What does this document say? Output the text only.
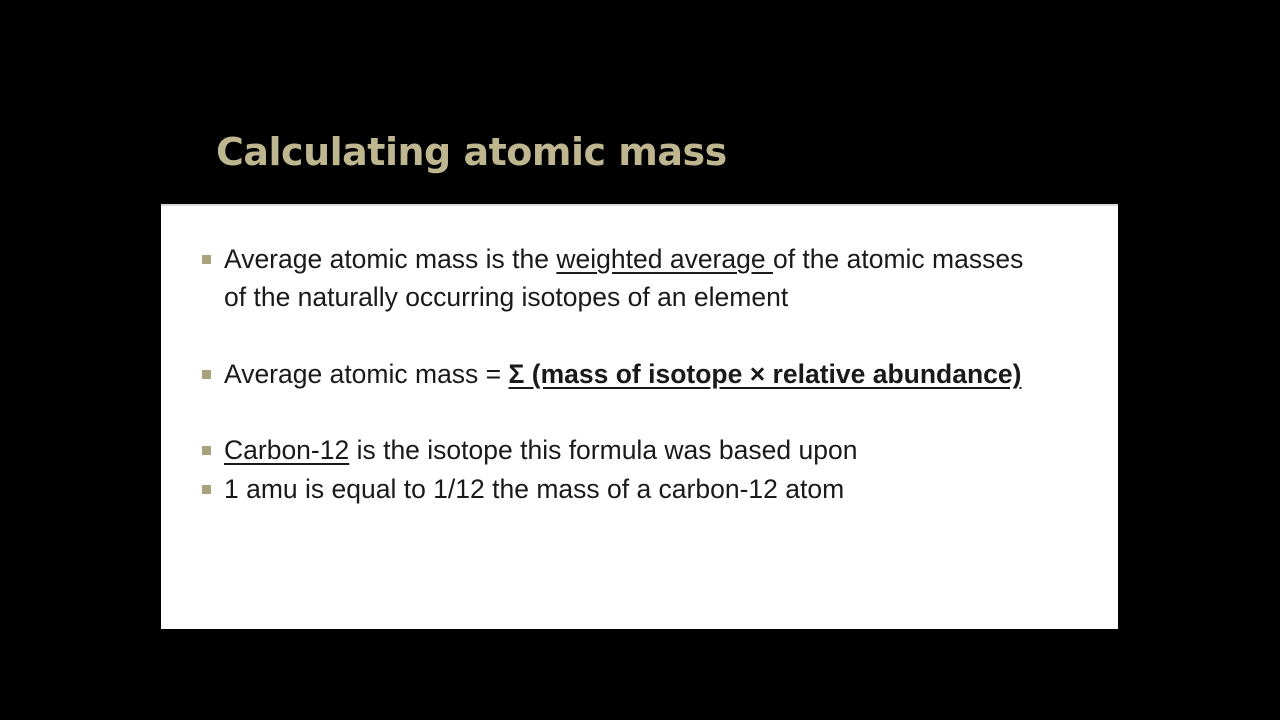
Calculating atomic mass
Average atomic mass is the weighted average of the atomic masses
of the naturally occurring isotopes of an element
Average atomic mass = Σ (mass of isotope × relative abundance)
Carbon-12 is the isotope this formula was based upon
1 amu is equal to 1/12 the mass of a carbon-12 atom
